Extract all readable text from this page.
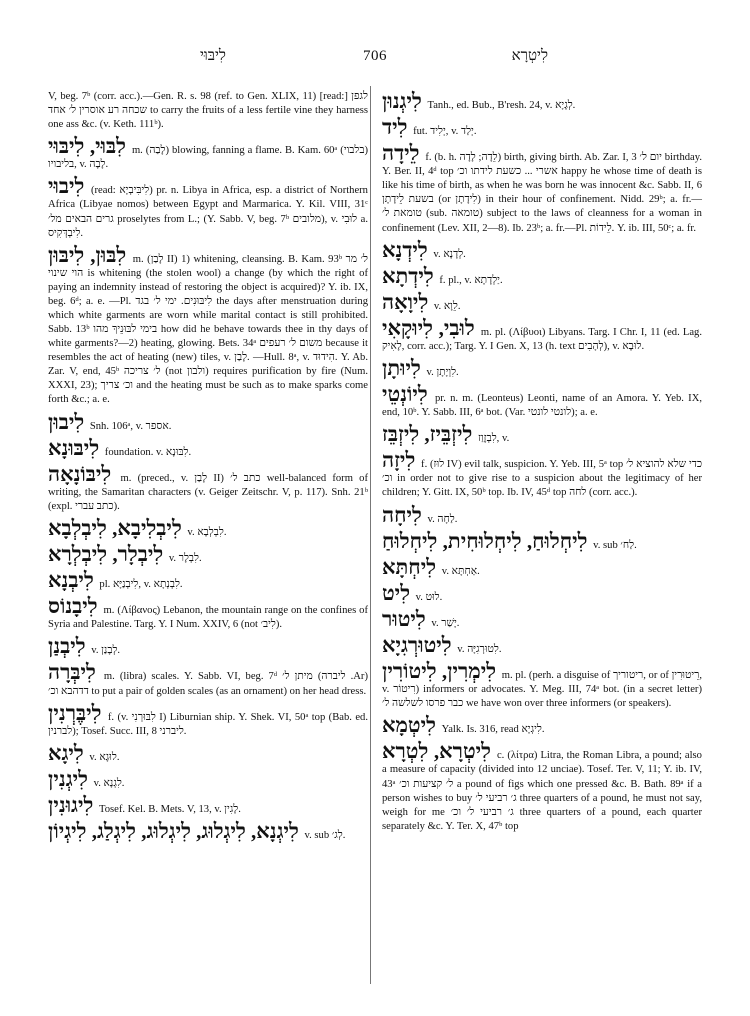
לִיבּוּי	706	לִיטְרָא

V, beg. 7ᵇ (corr. acc.).—Gen. R. s. 98 (ref. to Gen. XLIX, 11) [read:] לגפן שכחה רע אוסרין ל׳ אחד to carry the fruits of a less fertile vine they harness one ass &c. (v. Keth. 111ᵇ).

לִבּוּי, לִיבּוּי m. (לָבַה) blowing, fanning a flame. B. Kam. 60ᵃ (בלבוי) בליבויו, v. לָבָה.

לִיבוּי (read: לִיבִּיבְיָא) pr. n. Libya in Africa, esp. a district of Northern Africa (Libyae nomos) between Egypt and Marmarica. Y. Kil. VIII, 31ᶜ גרים הבאים מל׳ proselytes from L.; (Y. Sabb. V, beg. 7ᵇ מלובים), v. לוּבִי a. לִיבְדְּקִיס.

לִבּוּן, לִיבּוּן m. (לָבַן II) 1) whitening, cleansing. B. Kam. 93ᵇ ל׳ מר הוי שינוי is whitening (the stolen wool) a change (by which the right of paying an indemnity instead of restoring the object is acquired)? Y. ib. IX, beg. 6ᵈ; a. e. —Pl. לִיבּוּנִים. ימי ל׳ בגד the days after menstruation during which white garments are worn while marital contact is still prohibited. Sabb. 13ᵇ בימי לבּוּנֵיךְ מהו how did he behave towards thee in thy days of white garments?—2) heating, glowing. Bets. 34ᵃ משום ל׳ רעפים because it resembles the act of heating (new) tiles, v. לָבַן. —Hull. 8ᵃ, v. הִידוּד. Y. Ab. Zar. V, end, 45ᵇ ל׳ צריכה (not ולבון) requires purification by fire (Num. XXXI, 23); וכ׳ צריך and the heating must be such as to make sparks come forth &c.; a. e.

לִיבוּן Snh. 106ᵃ, v. אספר.

לִיבּוּנָא foundation. v. לִבּוּנָא.

לִיבּוֹנָאָה m. (preced., v. לָבַן II) כתב ל׳ well-balanced form of writing, the Samaritan characters (v. Geiger Zeitschr. V, p. 117). Snh. 21ᵇ (expl. כתב עברי).

לִיבְלִיבָא, לִיבְלְבָא v. לִבְלְבָא.

לִיבְלָר, לִיבְלְרָא v. לִבְלָר.

לִיבְנָא pl. לִיבְנַיָּא, v. לִבְנְתָא.

לִיבָנוֹס m. (Λίβανος) Lebanon, the mountain range on the confines of Syria and Palestine. Targ. Y. I Num. XXIV, 6 (not לִיב׳).

לִיבְנַן v. לְבָנַן.

לִיבְּרָה m. (libra) scales. Y. Sabb. VI, beg. 7ᵈ מיתן ל׳ (ליברה .Ar) דדהבא וכ׳ to put a pair of golden scales (as an ornament) on her head dress.

לִיבֶּרְנִין f. (v. לִבּוּרְנִי I) Liburnian ship. Y. Shek. VI, 50ᵃ top (Bab. ed. לברנין); Tosef. Succ. III, 8 ליברני.

לִיגָא v. לוּגָא.

לִיגְנִין v. לִגְנָא.

לִיגוּנִין Tosef. Kel. B. Mets. V, 13, v. לָגִין.

לִיגְנָא, לִיגְלוּג, לִיגְלוּג, לִיגְלַג, לִיגְיוֹן v. sub לְג׳.

לִיגְנוּן Tanh., ed. Bub., B'resh. 24, v. לְגָיָא.

לִיד fut. יְלִיד, v. יְלַד.

לֵידָה f. (b. h. לֵדָה; לָדָה) birth, giving birth. Ab. Zar. I, 3 יום ל׳ birthday. Y. Ber. II, 4ᵈ top אשרי ... כשעת לידתו וכ׳ happy he whose time of death is like his time of birth, as when he was born he was innocent &c. Sabb. II, 6 בשעת לֵידָתָן (or לִידָתָן) in their hour of confinement. Nidd. 29ᵇ; a. fr.—טומאת ל׳ (sub. טומאה) subject to the laws of cleanness for a woman in confinement (Lev. XII, 2—8). Ib. 23ᵇ; a. fr.—Pl. לֵידוֹת. Y. ib. III, 50ᶜ; a. fr.

לִידְנָא v. לְדָנָא.

לִידְתָא f. pl., v. יַלְדָתָא.

לִיוָאָה v. לֵוָא.

לוּבִי, לִיוּקָאִי m. pl. (Λίβυοι) Libyans. Targ. I Chr. I, 11 (ed. Lag. לָאִיק, corr. acc.); Targ. Y. I Gen. X, 13 (h. text לְהָבִים), v. לוּבָא.

לִיוּתָן v. לִוְיָתָן.

לִיוֹנְטֵי pr. n. m. (Leonteus) Leonti, name of an Amora. Y. Yeb. IX, end, 10ᵇ. Y. Sabb. III, 6ᵃ bot. (Var. לונטי לונטי); a. e.

לִיזְבֵּיז, לִיזְבֵּז לִבְזֶוַז, v.

לִיזָה f. (לוּז IV) evil talk, suspicion. Y. Yeb. III, 5ᵃ top כדי שלא להוציא ל׳ וכ׳ in order not to give rise to a suspicion about the legitimacy of her children; Y. Gitt. IX, 50ᵇ top. Ib. IV, 45ᵈ top לחה (corr. acc.).

לִיחָה v. לַחָה.

לִיחְלוּחַ, לִיחְלוּחִית, לִיחְלוּחַ v. sub לַח׳.

לִיחְתָּא v. אַחְתָּא.

לִיט v. לוּט.

לִיטוּר v. יָשַׁר.

לִיטוּרְגִיָא v. לִטוּרְגִיָּה.

לִימְרִין, לִיטוֹרִין m. pl. (perh. a disguise of ריטוריך, or of רֵיטוּרִין, v. רִיטוֹר) informers or advocates. Y. Meg. III, 74ᵃ bot. (in a secret letter) כבר פרסו לשלשה ל׳ we have won over three informers (or speakers).

לִיטְמָא Yalk. Is. 316, read לִיגְיָא.

לִיטְרָא, לִטְרָא c. (λίτρα) Litra, the Roman Libra, a pound; also a measure of capacity (divided into 12 unciae). Tosef. Ter. V, 11; Y. ib. IV, 43ᵃ ל׳ קציעות וכ׳ a pound of figs which one pressed &c. B. Bath. 89ᵃ if a person wishes to buy ג׳ רביעי ל׳ three quarters of a pound, he must not say, weigh for me ג׳ רביעי ל׳ וכ׳ three quarters of a pound, each quarter separately &c. Y. Ter. X, 47ᵇ top
